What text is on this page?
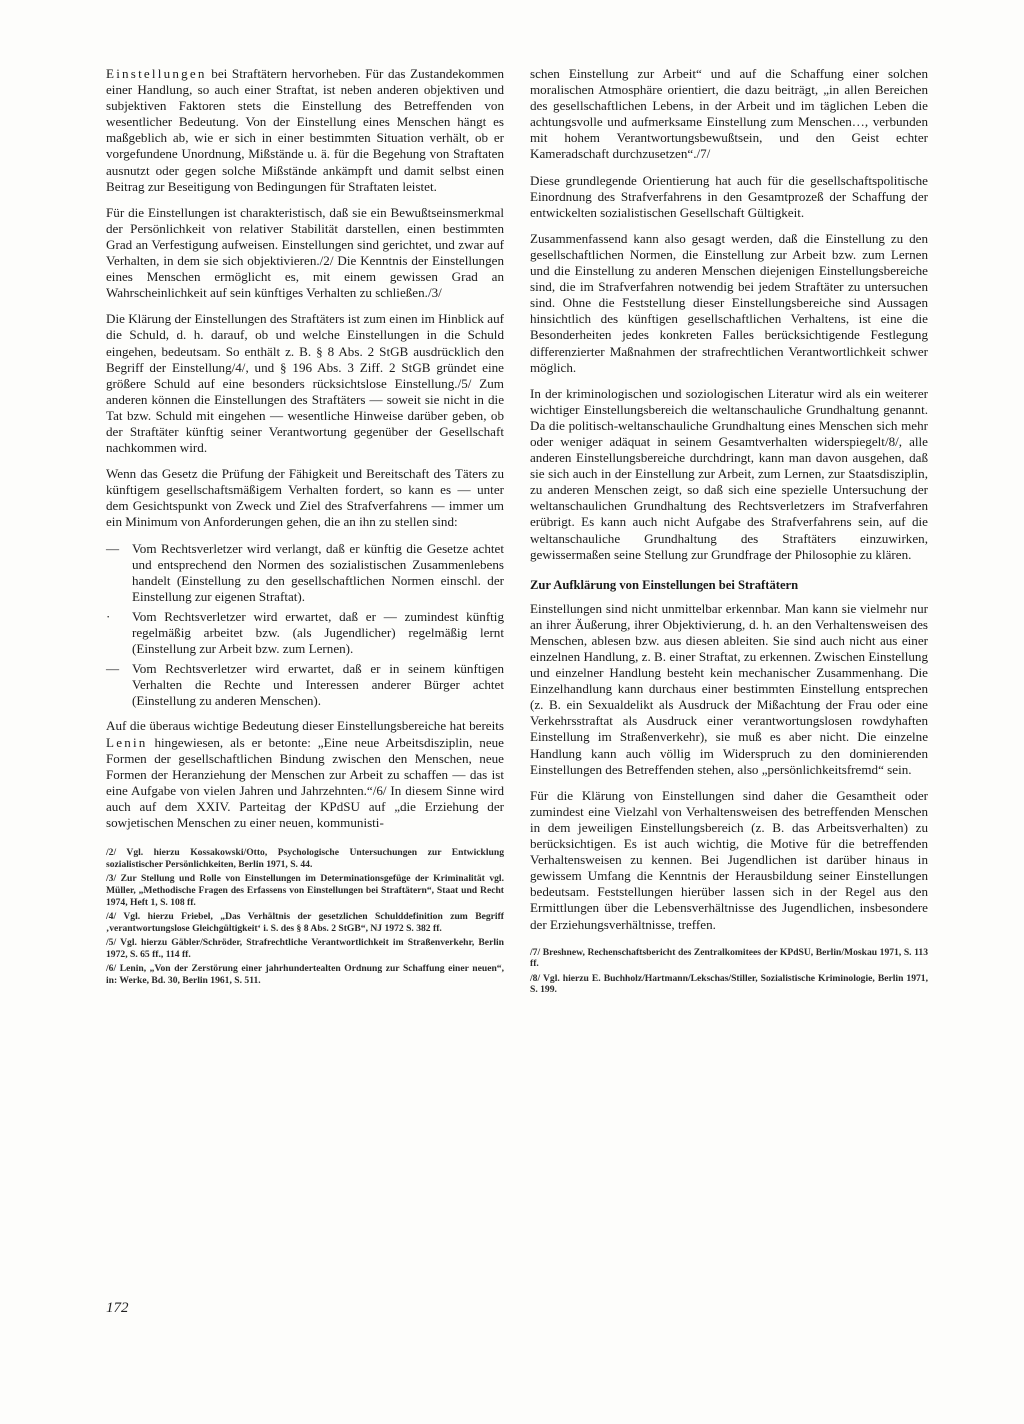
Einstellungen bei Straftätern hervorheben. Für das Zustandekommen einer Handlung, so auch einer Straftat, ist neben anderen objektiven und subjektiven Faktoren stets die Einstellung des Betreffenden von wesentlicher Bedeutung. Von der Einstellung eines Menschen hängt es maßgeblich ab, wie er sich in einer bestimmten Situation verhält, ob er vorgefundene Unordnung, Mißstände u. ä. für die Begehung von Straftaten ausnutzt oder gegen solche Mißstände ankämpft und damit selbst einen Beitrag zur Beseitigung von Bedingungen für Straftaten leistet.

Für die Einstellungen ist charakteristisch, daß sie ein Bewußtseinsmerkmal der Persönlichkeit von relativer Stabilität darstellen, einen bestimmten Grad an Verfestigung aufweisen. Einstellungen sind gerichtet, und zwar auf Verhalten, in dem sie sich objektivieren./2/ Die Kenntnis der Einstellungen eines Menschen ermöglicht es, mit einem gewissen Grad an Wahrscheinlichkeit auf sein künftiges Verhalten zu schließen./3/

Die Klärung der Einstellungen des Straftäters ist zum einen im Hinblick auf die Schuld, d. h. darauf, ob und welche Einstellungen in die Schuld eingehen, bedeutsam. So enthält z. B. § 8 Abs. 2 StGB ausdrücklich den Begriff der Einstellung/4/, und § 196 Abs. 3 Ziff. 2 StGB gründet eine größere Schuld auf eine besonders rücksichtslose Einstellung./5/ Zum anderen können die Einstellungen des Straftäters — soweit sie nicht in die Tat bzw. Schuld mit eingehen — wesentliche Hinweise darüber geben, ob der Straftäter künftig seiner Verantwortung gegenüber der Gesellschaft nachkommen wird.

Wenn das Gesetz die Prüfung der Fähigkeit und Bereitschaft des Täters zu künftigem gesellschaftsmäßigem Verhalten fordert, so kann es — unter dem Gesichtspunkt von Zweck und Ziel des Strafverfahrens — immer um ein Minimum von Anforderungen gehen, die an ihn zu stellen sind:

— Vom Rechtsverletzer wird verlangt, daß er künftig die Gesetze achtet und entsprechend den Normen des sozialistischen Zusammenlebens handelt (Einstellung zu den gesellschaftlichen Normen einschl. der Einstellung zur eigenen Straftat).
·	Vom Rechtsverletzer wird erwartet, daß er — zumindest künftig regelmäßig arbeitet bzw. (als Jugendlicher) regelmäßig lernt (Einstellung zur Arbeit bzw. zum Lernen).
— Vom Rechtsverletzer wird erwartet, daß er in seinem künftigen Verhalten die Rechte und Interessen anderer Bürger achtet (Einstellung zu anderen Menschen).

Auf die überaus wichtige Bedeutung dieser Einstellungsbereiche hat bereits Lenin hingewiesen, als er betonte: „Eine neue Arbeitsdisziplin, neue Formen der gesellschaftlichen Bindung zwischen den Menschen, neue Formen der Heranziehung der Menschen zur Arbeit zu schaffen — das ist eine Aufgabe von vielen Jahren und Jahrzehnten.“/6/ In diesem Sinne wird auch auf dem XXIV. Parteitag der KPdSU auf „die Erziehung der sowjetischen Menschen zu einer neuen, kommunisti-

/2/ Vgl. hierzu Kossakowski/Otto, Psychologische Untersuchungen zur Entwicklung sozialistischer Persönlichkeiten, Berlin 1971, S. 44.

/3/ Zur Stellung und Rolle von Einstellungen im Determinationsgefüge der Kriminalität vgl. Müller, „Methodische Fragen des Erfassens von Einstellungen bei Straftätern“, Staat und Recht 1974, Heft 1, S. 108 ff.

/4/ Vgl. hierzu Friebel, „Das Verhältnis der gesetzlichen Schulddefinition zum Begriff ‚verantwortungslose Gleichgültigkeit‘ i. S. des § 8 Abs. 2 StGB“, NJ 1972 S. 382 ff.

/5/ Vgl. hierzu Gäbler/Schröder, Strafrechtliche Verantwortlichkeit im Straßenverkehr, Berlin 1972, S. 65 ff., 114 ff.

/6/ Lenin, „Von der Zerstörung einer jahrhundertealten Ordnung zur Schaffung einer neuen“, in: Werke, Bd. 30, Berlin 1961, S. 511.

schen Einstellung zur Arbeit“ und auf die Schaffung einer solchen moralischen Atmosphäre orientiert, die dazu beiträgt, „in allen Bereichen des gesellschaftlichen Lebens, in der Arbeit und im täglichen Leben die achtungsvolle und aufmerksame Einstellung zum Menschen…, verbunden mit hohem Verantwortungsbewußtsein, und den Geist echter Kameradschaft durchzusetzen“./7/

Diese grundlegende Orientierung hat auch für die gesellschaftspolitische Einordnung des Strafverfahrens in den Gesamtprozeß der Schaffung der entwickelten sozialistischen Gesellschaft Gültigkeit.

Zusammenfassend kann also gesagt werden, daß die Einstellung zu den gesellschaftlichen Normen, die Einstellung zur Arbeit bzw. zum Lernen und die Einstellung zu anderen Menschen diejenigen Einstellungsbereiche sind, die im Strafverfahren notwendig bei jedem Straftäter zu untersuchen sind. Ohne die Feststellung dieser Einstellungsbereiche sind Aussagen hinsichtlich des künftigen gesellschaftlichen Verhaltens, ist eine die Besonderheiten jedes konkreten Falles berücksichtigende Festlegung differenzierter Maßnahmen der strafrechtlichen Verantwortlichkeit schwer möglich.

In der kriminologischen und soziologischen Literatur wird als ein weiterer wichtiger Einstellungsbereich die weltanschauliche Grundhaltung genannt. Da die politisch-weltanschauliche Grundhaltung eines Menschen sich mehr oder weniger adäquat in seinem Gesamtverhalten widerspiegelt/8/, alle anderen Einstellungsbereiche durchdringt, kann man davon ausgehen, daß sie sich auch in der Einstellung zur Arbeit, zum Lernen, zur Staatsdisziplin, zu anderen Menschen zeigt, so daß sich eine spezielle Untersuchung der weltanschaulichen Grundhaltung des Rechtsverletzers im Strafverfahren erübrigt. Es kann auch nicht Aufgabe des Strafverfahrens sein, auf die weltanschauliche Grundhaltung des Straftäters einzuwirken, gewissermaßen seine Stellung zur Grundfrage der Philosophie zu klären.

Zur Aufklärung von Einstellungen bei Straftätern

Einstellungen sind nicht unmittelbar erkennbar. Man kann sie vielmehr nur an ihrer Äußerung, ihrer Objektivierung, d. h. an den Verhaltensweisen des Menschen, ablesen bzw. aus diesen ableiten. Sie sind auch nicht aus einer einzelnen Handlung, z. B. einer Straftat, zu erkennen. Zwischen Einstellung und einzelner Handlung besteht kein mechanischer Zusammenhang. Die Einzelhandlung kann durchaus einer bestimmten Einstellung entsprechen (z. B. ein Sexualdelikt als Ausdruck der Mißachtung der Frau oder eine Verkehrsstraftat als Ausdruck einer verantwortungslosen rowdyhaften Einstellung im Straßenverkehr), sie muß es aber nicht. Die einzelne Handlung kann auch völlig im Widerspruch zu den dominierenden Einstellungen des Betreffenden stehen, also „persönlichkeitsfremd“ sein.

Für die Klärung von Einstellungen sind daher die Gesamtheit oder zumindest eine Vielzahl von Verhaltensweisen des betreffenden Menschen in dem jeweiligen Einstellungsbereich (z. B. das Arbeitsverhalten) zu berücksichtigen. Es ist auch wichtig, die Motive für die betreffenden Verhaltensweisen zu kennen. Bei Jugendlichen ist darüber hinaus in gewissem Umfang die Kenntnis der Herausbildung seiner Einstellungen bedeutsam. Feststellungen hierüber lassen sich in der Regel aus den Ermittlungen über die Lebensverhältnisse des Jugendlichen, insbesondere der Erziehungsverhältnisse, treffen.

/7/ Breshnew, Rechenschaftsbericht des Zentralkomitees der KPdSU, Berlin/Moskau 1971, S. 113 ff.

/8/ Vgl. hierzu E. Buchholz/Hartmann/Lekschas/Stiller, Sozialistische Kriminologie, Berlin 1971, S. 199.

172
